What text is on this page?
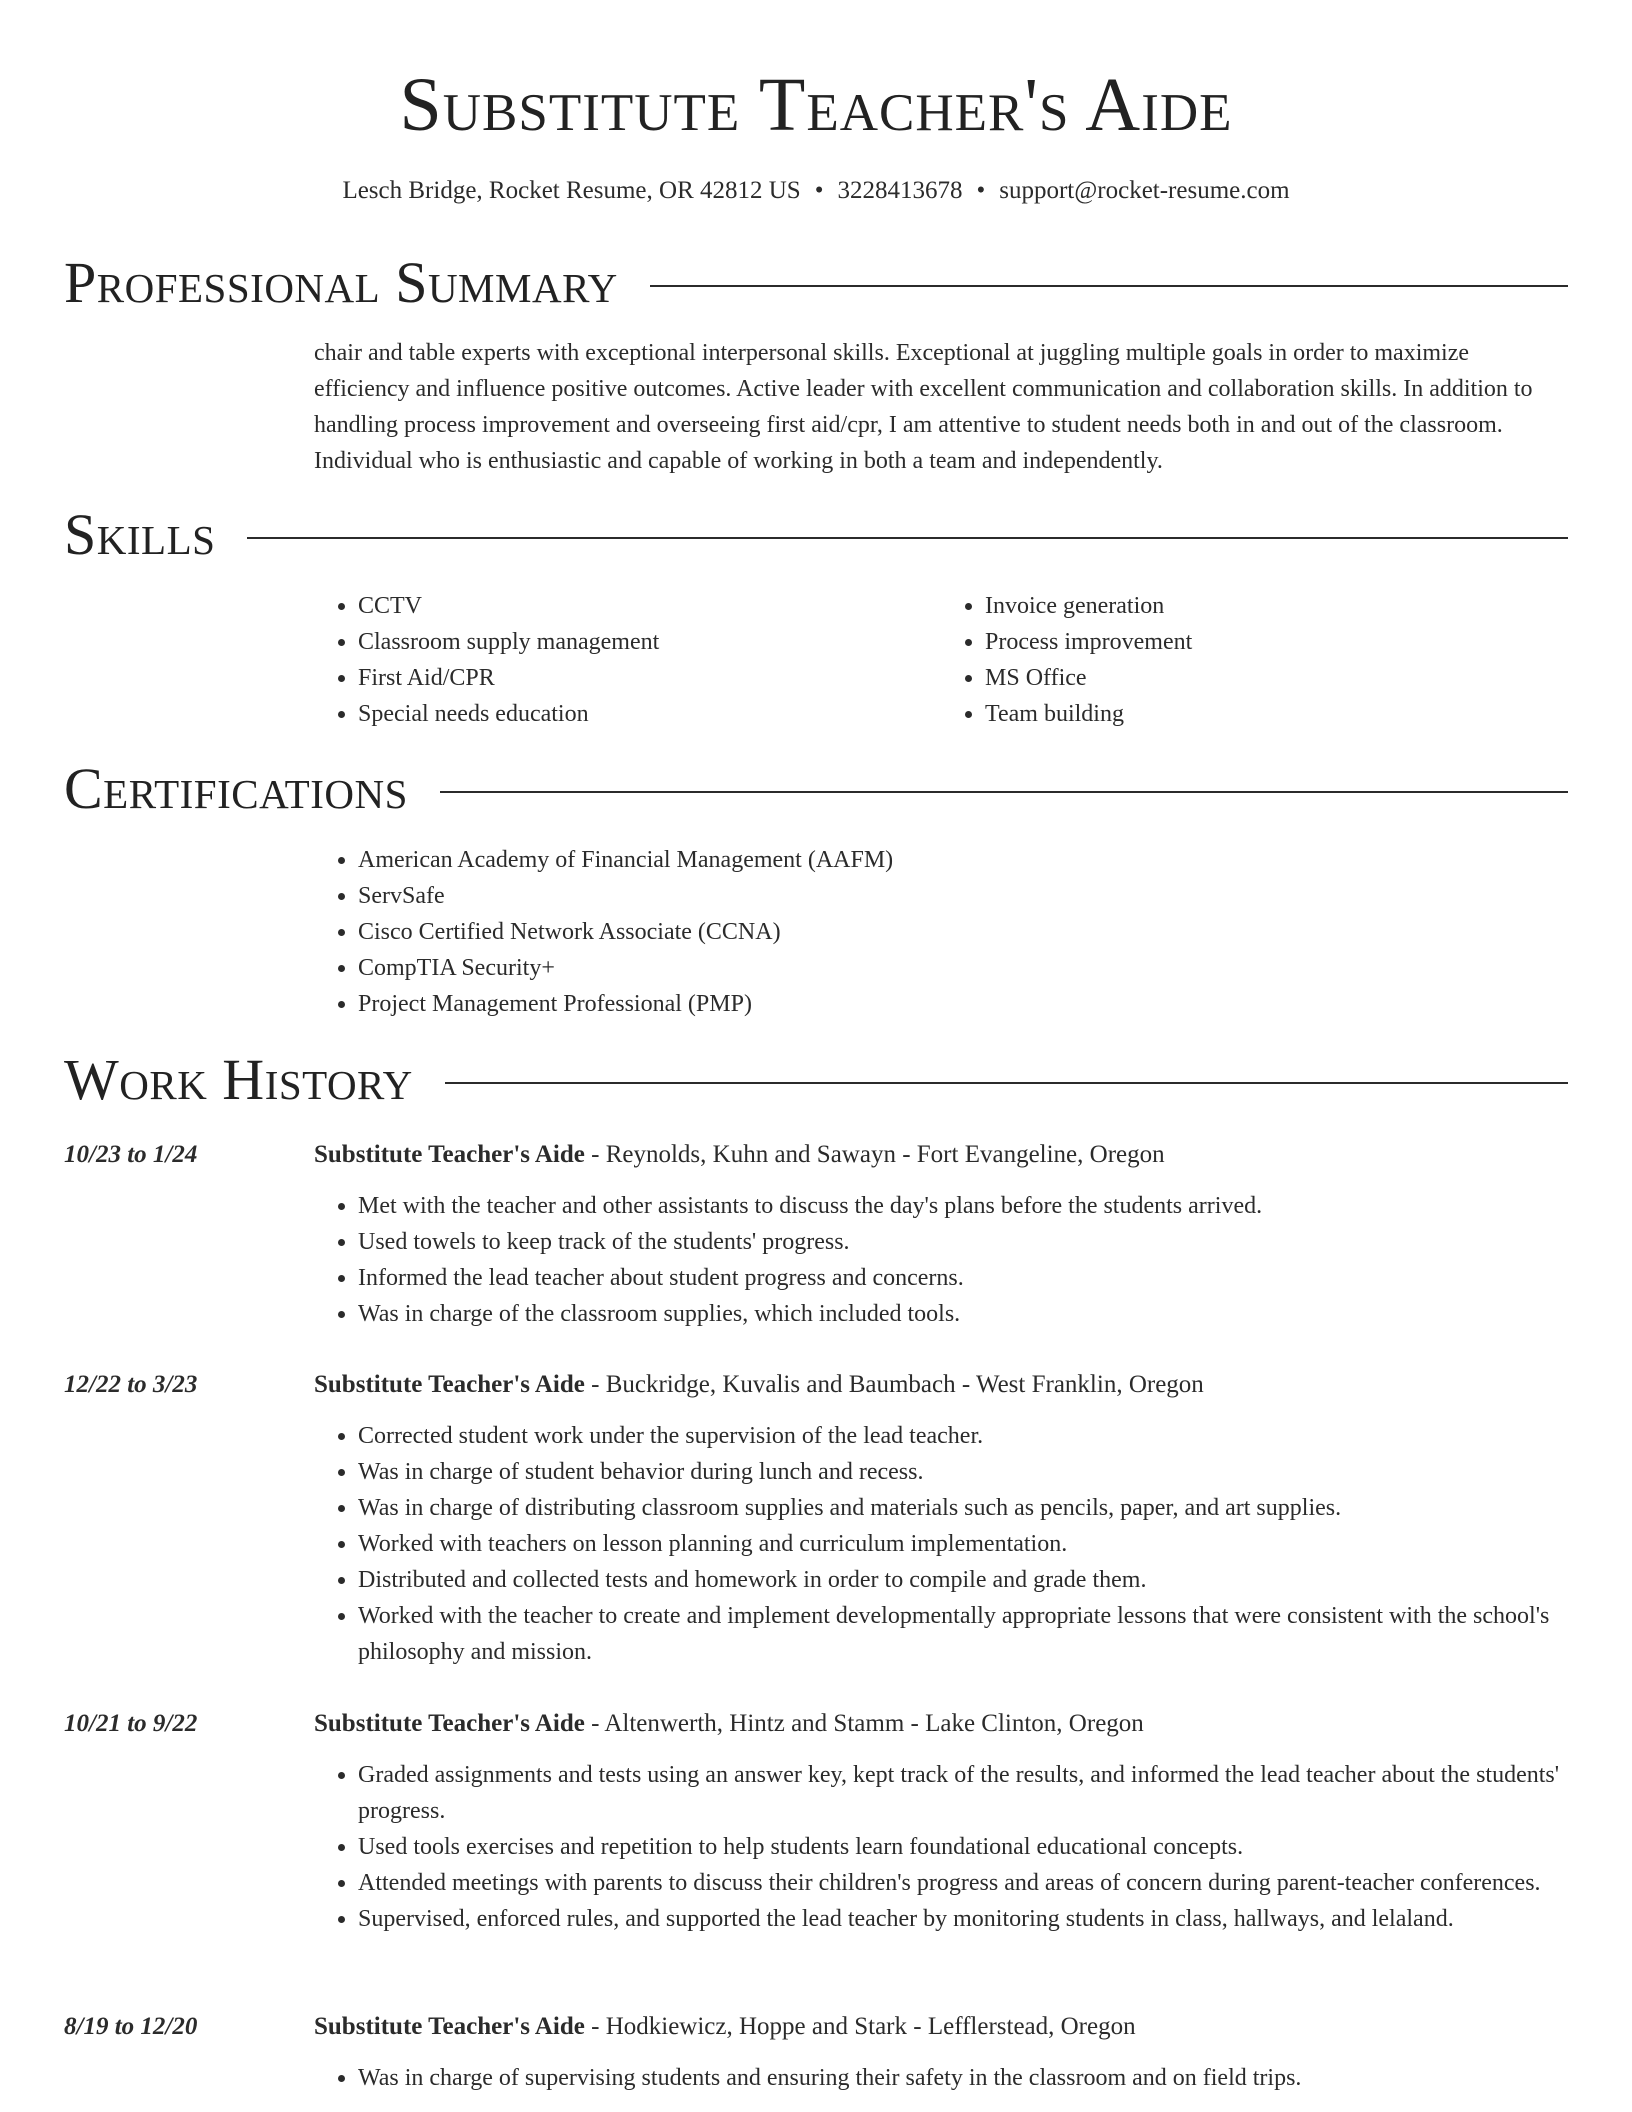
Substitute Teacher's Aide
Lesch Bridge, Rocket Resume, OR 42812 US • 3228413678 • support@rocket-resume.com
Professional Summary

chair and table experts with exceptional interpersonal skills. Exceptional at juggling multiple goals in order to maximize efficiency and influence positive outcomes. Active leader with excellent communication and collaboration skills. In addition to handling process improvement and overseeing first aid/cpr, I am attentive to student needs both in and out of the classroom. Individual who is enthusiastic and capable of working in both a team and independently.

Skills
• CCTV
• Classroom supply management
• First Aid/CPR
• Special needs education
• Invoice generation
• Process improvement
• MS Office
• Team building
Certifications
• American Academy of Financial Management (AAFM)
• ServSafe
• Cisco Certified Network Associate (CCNA)
• CompTIA Security+
• Project Management Professional (PMP)
Work History
10/23 to 1/24	Substitute Teacher's Aide - Reynolds, Kuhn and Sawayn - Fort Evangeline, Oregon
• Met with the teacher and other assistants to discuss the day's plans before the students arrived.
• Used towels to keep track of the students' progress.
• Informed the lead teacher about student progress and concerns.
• Was in charge of the classroom supplies, which included tools.
12/22 to 3/23	Substitute Teacher's Aide - Buckridge, Kuvalis and Baumbach - West Franklin, Oregon
• Corrected student work under the supervision of the lead teacher.
• Was in charge of student behavior during lunch and recess.
• Was in charge of distributing classroom supplies and materials such as pencils, paper, and art supplies.
• Worked with teachers on lesson planning and curriculum implementation.
• Distributed and collected tests and homework in order to compile and grade them.
• Worked with the teacher to create and implement developmentally appropriate lessons that were consistent with the school's philosophy and mission.
10/21 to 9/22	Substitute Teacher's Aide - Altenwerth, Hintz and Stamm - Lake Clinton, Oregon
• Graded assignments and tests using an answer key, kept track of the results, and informed the lead teacher about the students' progress.
• Used tools exercises and repetition to help students learn foundational educational concepts.
• Attended meetings with parents to discuss their children's progress and areas of concern during parent-teacher conferences.
• Supervised, enforced rules, and supported the lead teacher by monitoring students in class, hallways, and lelaland.
8/19 to 12/20	Substitute Teacher's Aide - Hodkiewicz, Hoppe and Stark - Lefflerstead, Oregon
• Was in charge of supervising students and ensuring their safety in the classroom and on field trips.
